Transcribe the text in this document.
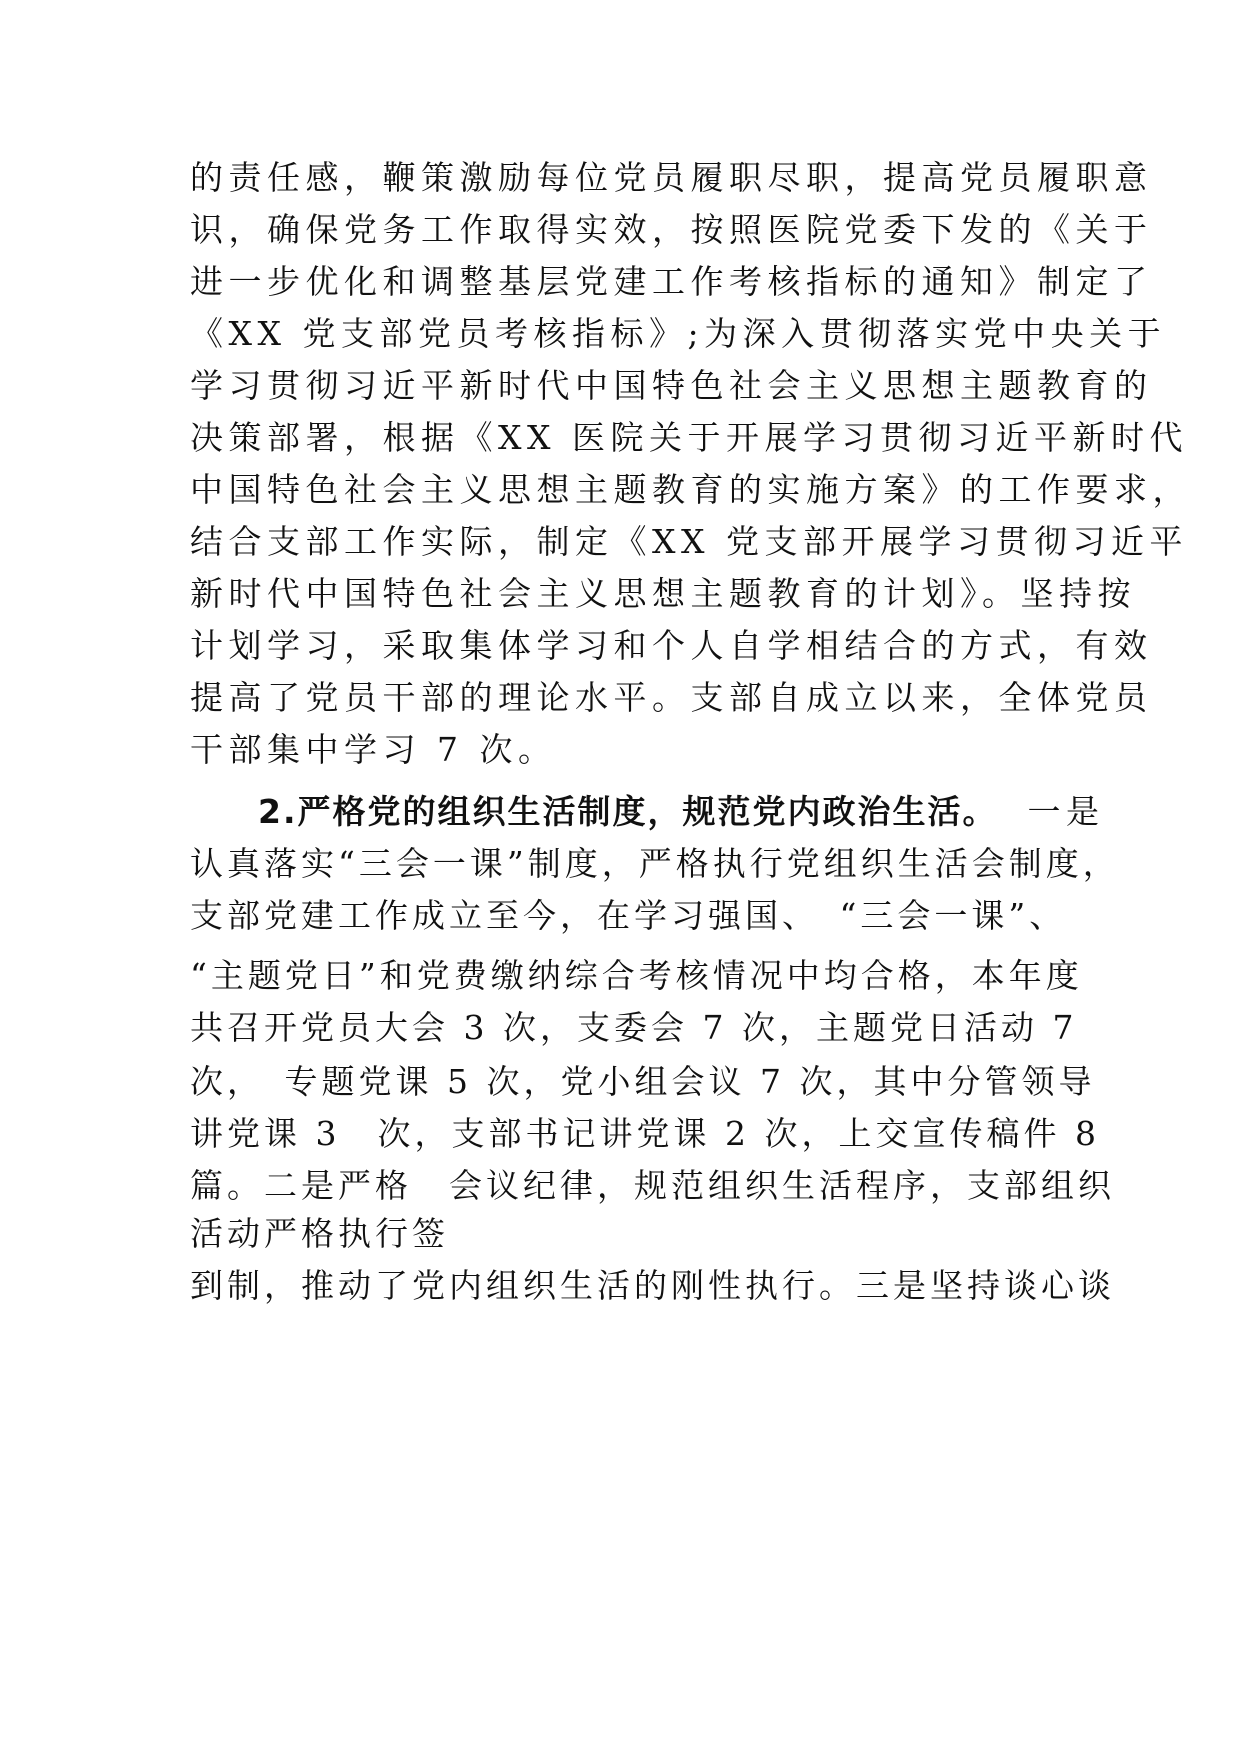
的责任感，鞭策激励每位党员履职尽职，提高党员履职意
识，确保党务工作取得实效，按照医院党委下发的《关于
进一步优化和调整基层党建工作考核指标的通知》制定了
《XX 党支部党员考核指标》;为深入贯彻落实党中央关于
学习贯彻习近平新时代中国特色社会主义思想主题教育的
决策部署，根据《XX 医院关于开展学习贯彻习近平新时代
中国特色社会主义思想主题教育的实施方案》的工作要求，
结合支部工作实际，制定《XX 党支部开展学习贯彻习近平
新时代中国特色社会主义思想主题教育的计划》。坚持按
计划学习，采取集体学习和个人自学相结合的方式，有效
提高了党员干部的理论水平。支部自成立以来，全体党员
干部集中学习 7 次。
2.严格党的组织生活制度，规范党内政治生活。 一是
认真落实“三会一课”制度，严格执行党组织生活会制度，
支部党建工作成立至今，在学习强国、　“三会一课”、
“主题党日”和党费缴纳综合考核情况中均合格，本年度
共召开党员大会 3 次，支委会 7 次，主题党日活动 7
次，　专题党课 5 次，党小组会议 7 次，其中分管领导
讲党课 3　次，支部书记讲党课 2 次，上交宣传稿件 8
篇。二是严格　会议纪律，规范组织生活程序，支部组织
活动严格执行签
到制，推动了党内组织生活的刚性执行。三是坚持谈心谈
